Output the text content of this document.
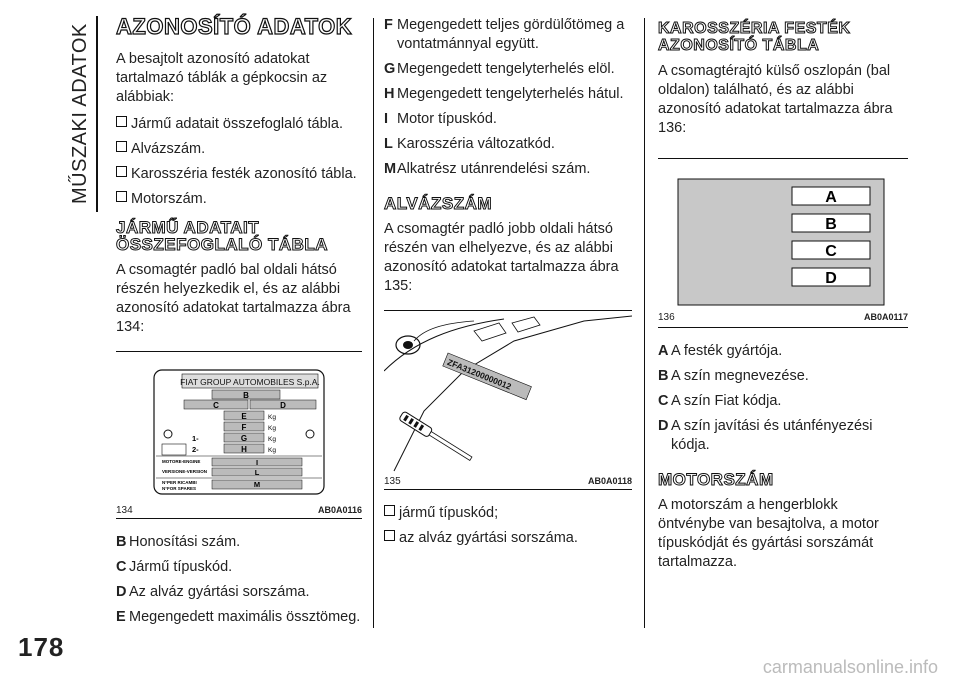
MŰSZAKI ADATOK
178
AZONOSÍTÓ ADATOK

A besajtolt azonosító adatokat tartalmazó táblák a gépkocsin az alábbiak:

Jármű adatait összefoglaló tábla.
Alvázszám.
Karosszéria festék azonosító tábla.
Motorszám.
JÁRMŰ ADATAIT
ÖSSZEFOGLALÓ TÁBLA

A csomagtér padló bal oldali hátsó részén helyezkedik el, és az alábbi azonosító adatokat tartalmazza ábra 134:

FIAT GROUP AUTOMOBILES S.p.A.
B
C	D
E	Kg
F	Kg
1-	G	Kg
2-	H	Kg
MOTORE-ENGINE	I
VERSIONE-VERSION	L
N°PER RICAMBI
N°FOR SPARES	M
134	AB0A0116
B Honosítási szám.
C Jármű típuskód.
D Az alváz gyártási sorszáma.
E Megengedett maximális össztömeg.
F Megengedett teljes gördülőtömeg a vontatmánnyal együtt.
G Megengedett tengelyterhelés elöl.
H Megengedett tengelyterhelés hátul.
I Motor típuskód.
L Karosszéria változatkód.
MAlkatrész utánrendelési szám.
ALVÁZSZÁM

A csomagtér padló jobb oldali hátsó részén van elhelyezve, és az alábbi azonosító adatokat tartalmazza ábra 135:

ZFA31200000012
135	AB0A0118
jármű típuskód;
az alváz gyártási sorszáma.
KAROSSZÉRIA FESTÉK
AZONOSÍTÓ TÁBLA

A csomagtérajtó külső oszlopán (bal oldalon) található, és az alábbi azonosító adatokat tartalmazza ábra 136:

A
B
C
D
136	AB0A0117
A A festék gyártója.
B A szín megnevezése.
C A szín Fiat kódja.
D A szín javítási és utánfényezési kódja.
MOTORSZÁM

A motorszám a hengerblokk öntvénybe van besajtolva, a motor típuskódját és gyártási sorszámát tartalmazza.

carmanualsonline.info
